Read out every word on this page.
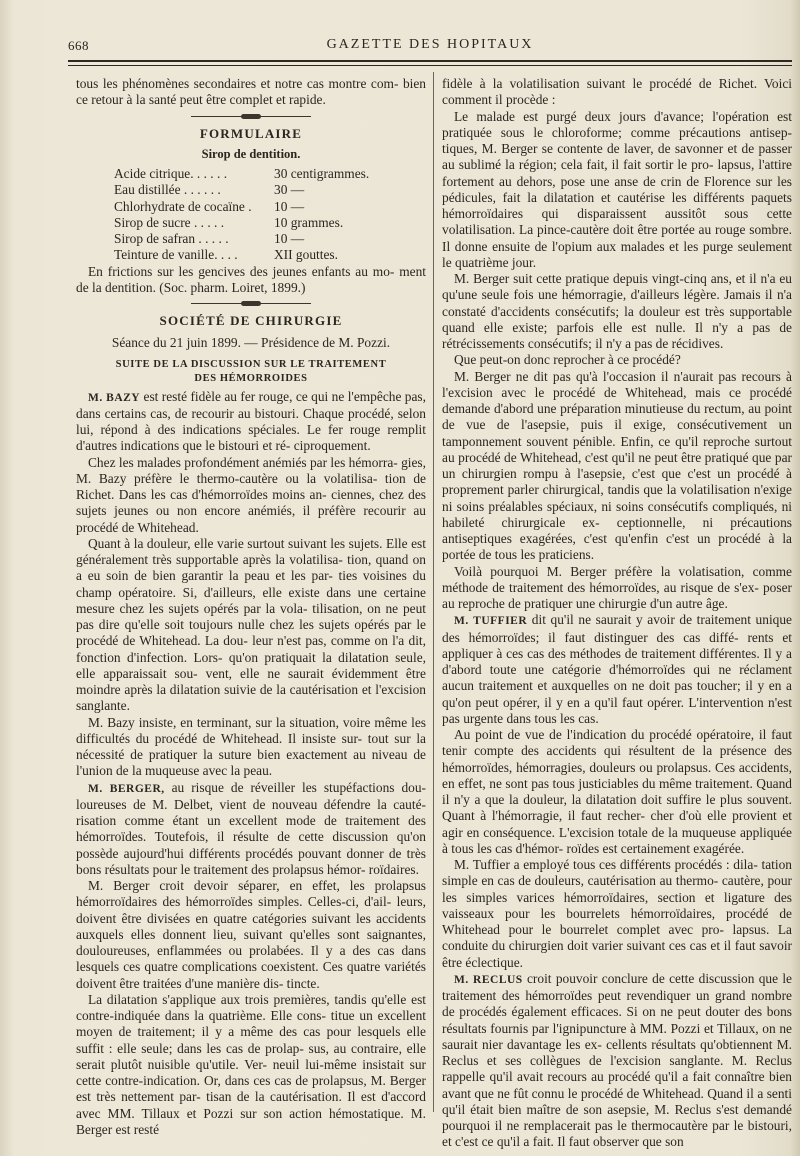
668	GAZETTE DES HOPITAUX

tous les phénomènes secondaires et notre cas montre com- bien ce retour à la santé peut être complet et rapide.

FORMULAIRE
Sirop de dentition.
Acide citrique. . . . . .	30 centigrammes.
Eau distillée . . . . . .	30 —
Chlorhydrate de cocaïne .	10 —
Sirop de sucre . . . . .	10 grammes.
Sirop de safran . . . . .	10 —
Teinture de vanille. . . .	XII gouttes.

En frictions sur les gencives des jeunes enfants au mo- ment de la dentition. (Soc. pharm. Loiret, 1899.)

SOCIÉTÉ DE CHIRURGIE
Séance du 21 juin 1899. — Présidence de M. Pozzi.
SUITE DE LA DISCUSSION SUR LE TRAITEMENT
DES HÉMORROIDES

M. BAZY est resté fidèle au fer rouge, ce qui ne l'empêche pas, dans certains cas, de recourir au bistouri. Chaque procédé, selon lui, répond à des indications spéciales. Le fer rouge remplit d'autres indications que le bistouri et ré- ciproquement.

Chez les malades profondément anémiés par les hémorra- gies, M. Bazy préfère le thermo-cautère ou la volatilisa- tion de Richet. Dans les cas d'hémorroïdes moins an- ciennes, chez des sujets jeunes ou non encore anémiés, il préfère recourir au procédé de Whitehead.

Quant à la douleur, elle varie surtout suivant les sujets. Elle est généralement très supportable après la volatilisa- tion, quand on a eu soin de bien garantir la peau et les par- ties voisines du champ opératoire. Si, d'ailleurs, elle existe dans une certaine mesure chez les sujets opérés par la vola- tilisation, on ne peut pas dire qu'elle soit toujours nulle chez les sujets opérés par le procédé de Whitehead. La dou- leur n'est pas, comme on l'a dit, fonction d'infection. Lors- qu'on pratiquait la dilatation seule, elle apparaissait sou- vent, elle ne saurait évidemment être moindre après la dilatation suivie de la cautérisation et l'excision sanglante.

M. Bazy insiste, en terminant, sur la situation, voire même les difficultés du procédé de Whitehead. Il insiste sur- tout sur la nécessité de pratiquer la suture bien exactement au niveau de l'union de la muqueuse avec la peau.

M. BERGER, au risque de réveiller les stupéfactions dou- loureuses de M. Delbet, vient de nouveau défendre la cauté- risation comme étant un excellent mode de traitement des hémorroïdes. Toutefois, il résulte de cette discussion qu'on possède aujourd'hui différents procédés pouvant donner de très bons résultats pour le traitement des prolapsus hémor- roïdaires.

M. Berger croit devoir séparer, en effet, les prolapsus hémorroïdaires des hémorroïdes simples. Celles-ci, d'ail- leurs, doivent être divisées en quatre catégories suivant les accidents auxquels elles donnent lieu, suivant qu'elles sont saignantes, douloureuses, enflammées ou prolabées. Il y a des cas dans lesquels ces quatre complications coexistent. Ces quatre variétés doivent être traitées d'une manière dis- tincte.

La dilatation s'applique aux trois premières, tandis qu'elle est contre-indiquée dans la quatrième. Elle cons- titue un excellent moyen de traitement; il y a même des cas pour lesquels elle suffit : elle seule; dans les cas de prolap- sus, au contraire, elle serait plutôt nuisible qu'utile. Ver- neuil lui-même insistait sur cette contre-indication. Or, dans ces cas de prolapsus, M. Berger est très nettement par- tisan de la cautérisation. Il est d'accord avec MM. Tillaux et Pozzi sur son action hémostatique. M. Berger est resté

fidèle à la volatilisation suivant le procédé de Richet. Voici comment il procède :

Le malade est purgé deux jours d'avance; l'opération est pratiquée sous le chloroforme; comme précautions antisep- tiques, M. Berger se contente de laver, de savonner et de passer au sublimé la région; cela fait, il fait sortir le pro- lapsus, l'attire fortement au dehors, pose une anse de crin de Florence sur les pédicules, fait la dilatation et cautérise les différents paquets hémorroïdaires qui disparaissent aussitôt sous cette volatilisation. La pince-cautère doit être portée au rouge sombre. Il donne ensuite de l'opium aux malades et les purge seulement le quatrième jour.

M. Berger suit cette pratique depuis vingt-cinq ans, et il n'a eu qu'une seule fois une hémorragie, d'ailleurs légère. Jamais il n'a constaté d'accidents consécutifs; la douleur est très supportable quand elle existe; parfois elle est nulle. Il n'y a pas de rétrécissements consécutifs; il n'y a pas de récidives.

Que peut-on donc reprocher à ce procédé?

M. Berger ne dit pas qu'à l'occasion il n'aurait pas recours à l'excision avec le procédé de Whitehead, mais ce procédé demande d'abord une préparation minutieuse du rectum, au point de vue de l'asepsie, puis il exige, consécutivement un tamponnement souvent pénible. Enfin, ce qu'il reproche surtout au procédé de Whitehead, c'est qu'il ne peut être pratiqué que par un chirurgien rompu à l'asepsie, c'est que c'est un procédé à proprement parler chirurgical, tandis que la volatilisation n'exige ni soins préalables spéciaux, ni soins consécutifs compliqués, ni habileté chirurgicale ex- ceptionnelle, ni précautions antiseptiques exagérées, c'est qu'enfin c'est un procédé à la portée de tous les praticiens.

Voilà pourquoi M. Berger préfère la volatisation, comme méthode de traitement des hémorroïdes, au risque de s'ex- poser au reproche de pratiquer une chirurgie d'un autre âge.

M. TUFFIER dit qu'il ne saurait y avoir de traitement unique des hémorroïdes; il faut distinguer des cas diffé- rents et appliquer à ces cas des méthodes de traitement différentes. Il y a d'abord toute une catégorie d'hémorroïdes qui ne réclament aucun traitement et auxquelles on ne doit pas toucher; il y en a qu'on peut opérer, il y en a qu'il faut opérer. L'intervention n'est pas urgente dans tous les cas.

Au point de vue de l'indication du procédé opératoire, il faut tenir compte des accidents qui résultent de la présence des hémorroïdes, hémorragies, douleurs ou prolapsus. Ces accidents, en effet, ne sont pas tous justiciables du même traitement. Quand il n'y a que la douleur, la dilatation doit suffire le plus souvent. Quant à l'hémorragie, il faut recher- cher d'où elle provient et agir en conséquence. L'excision totale de la muqueuse appliquée à tous les cas d'hémor- roïdes est certainement exagérée.

M. Tuffier a employé tous ces différents procédés : dila- tation simple en cas de douleurs, cautérisation au thermo- cautère, pour les simples varices hémorroïdaires, section et ligature des vaisseaux pour les bourrelets hémorroïdaires, procédé de Whitehead pour le bourrelet complet avec pro- lapsus. La conduite du chirurgien doit varier suivant ces cas et il faut savoir être éclectique.

M. RECLUS croit pouvoir conclure de cette discussion que le traitement des hémorroïdes peut revendiquer un grand nombre de procédés également efficaces. Si on ne peut douter des bons résultats fournis par l'ignipuncture à MM. Pozzi et Tillaux, on ne saurait nier davantage les ex- cellents résultats qu'obtiennent M. Reclus et ses collègues de l'excision sanglante. M. Reclus rappelle qu'il avait recours au procédé qu'il a fait connaître bien avant que ne fût connu le procédé de Whitehead. Quand il a senti qu'il était bien maître de son asepsie, M. Reclus s'est demandé pourquoi il ne remplacerait pas le thermocautère par le bistouri, et c'est ce qu'il a fait. Il faut observer que son
